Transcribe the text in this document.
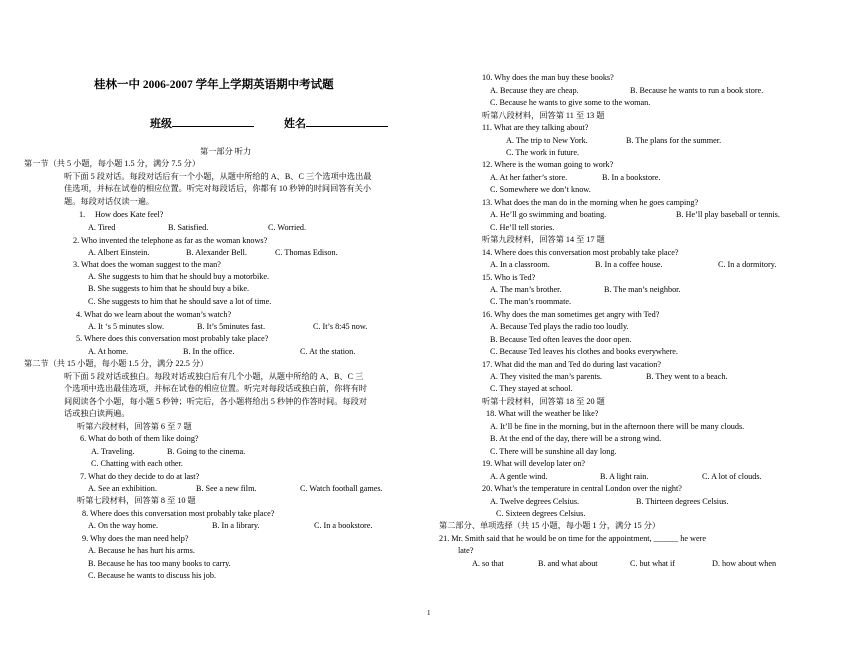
桂林一中 2006-2007 学年上学期英语期中考试题
班级	姓名
第一部分 听力
第一节（共 5 小题，每小题 1.5 分，满分 7.5 分）
听下面 5 段对话。每段对话后有一个小题，从题中所给的 A、B、C 三个选项中选出最
佳选项，并标在试卷的相应位置。听完对每段话后，你都有 10 秒钟的时间回答有关小
题。每段对话仅读一遍。
1. How does Kate feel?
A. Tired	B. Satisfied.	C. Worried.
2. Who invented the telephone as far as the woman knows?
A. Albert Einstein.	B. Alexander Bell.	C. Thomas Edison.
3. What does the woman suggest to the man?
A. She suggests to him that he should buy a motorbike.
B. She suggests to him that he should buy a bike.
C. She suggests to him that he should save a lot of time.
4. What do we learn about the woman’s watch?
A. It ‘s 5 minutes slow.	B. It’s 5minutes fast.	C. It’s 8:45 now.
5. Where does this conversation most probably take place?
A. At home.	B. In the office.	C. At the station.
第二节（共 15 小题，每小题 1.5 分，满分 22.5 分）
听下面 5 段对话或独白。每段对话或独白后有几个小题，从题中所给的 A、B、C 三
个选项中选出最佳选项，并标在试卷的相应位置。听完对每段话或独白前，你将有时
间阅读各个小题，每小题 5 秒钟；听完后，各小题将给出 5 秒钟的作答时间。每段对
话或独白读两遍。
听第六段材料，回答第 6 至 7 题
6. What do both of them like doing?
A. Traveling.	B. Going to the cinema.
C. Chatting with each other.
7. What do they decide to do at last?
A. See an exhibition.	B. See a new film.	C. Watch football games.
听第七段材料，回答第 8 至 10 题
8. Where does this conversation most probably take place?
A. On the way home.	B. In a library.	C. In a bookstore.
9. Why does the man need help?
A. Because he has hurt his arms.
B. Because he has too many books to carry.
C. Because he wants to discuss his job.
10. Why does the man buy these books?
A. Because they are cheap.	B. Because he wants to run a book store.
C. Because he wants to give some to the woman.
听第八段材料，回答第 11 至 13 题
11. What are they talking about?
A. The trip to New York.	B. The plans for the summer.
C. The work in future.
12. Where is the woman going to work?
A. At her father’s store.	B. In a bookstore.
C. Somewhere we don’t know.
13. What does the man do in the morning when he goes camping?
A. He’ll go swimming and boating.	B. He’ll play baseball or tennis.
C. He’ll tell stories.
听第九段材料，回答第 14 至 17 题
14. Where does this conversation most probably take place?
A. In a classroom.	B. In a coffee house.	C. In a dormitory.
15. Who is Ted?
A. The man’s brother.	B. The man’s neighbor.
C. The man’s roommate.
16. Why does the man sometimes get angry with Ted?
A. Because Ted plays the radio too loudly.
B. Because Ted often leaves the door open.
C. Because Ted leaves his clothes and books everywhere.
17. What did the man and Ted do during last vacation?
A. They visited the man’s parents.	B. They went to a beach.
C. They stayed at school.
听第十段材料，回答第 18 至 20 题
18. What will the weather be like?
A. It’ll be fine in the morning, but in the afternoon there will be many clouds.
B. At the end of the day, there will be a strong wind.
C. There will be sunshine all day long.
19. What will develop later on?
A. A gentle wind.	B. A light rain.	C. A lot of clouds.
20. What’s the temperature in central London over the night?
A. Twelve degrees Celsius.	B. Thirteen degrees Celsius.
C. Sixteen degrees Celsius.
第二部分、单项选择（共 15 小题，每小题 1 分，满分 15 分）
21. Mr. Smith said that he would be on time for the appointment, ______ he were
late?
A. so that	B. and what about	C. but what if	D. how about when
1
